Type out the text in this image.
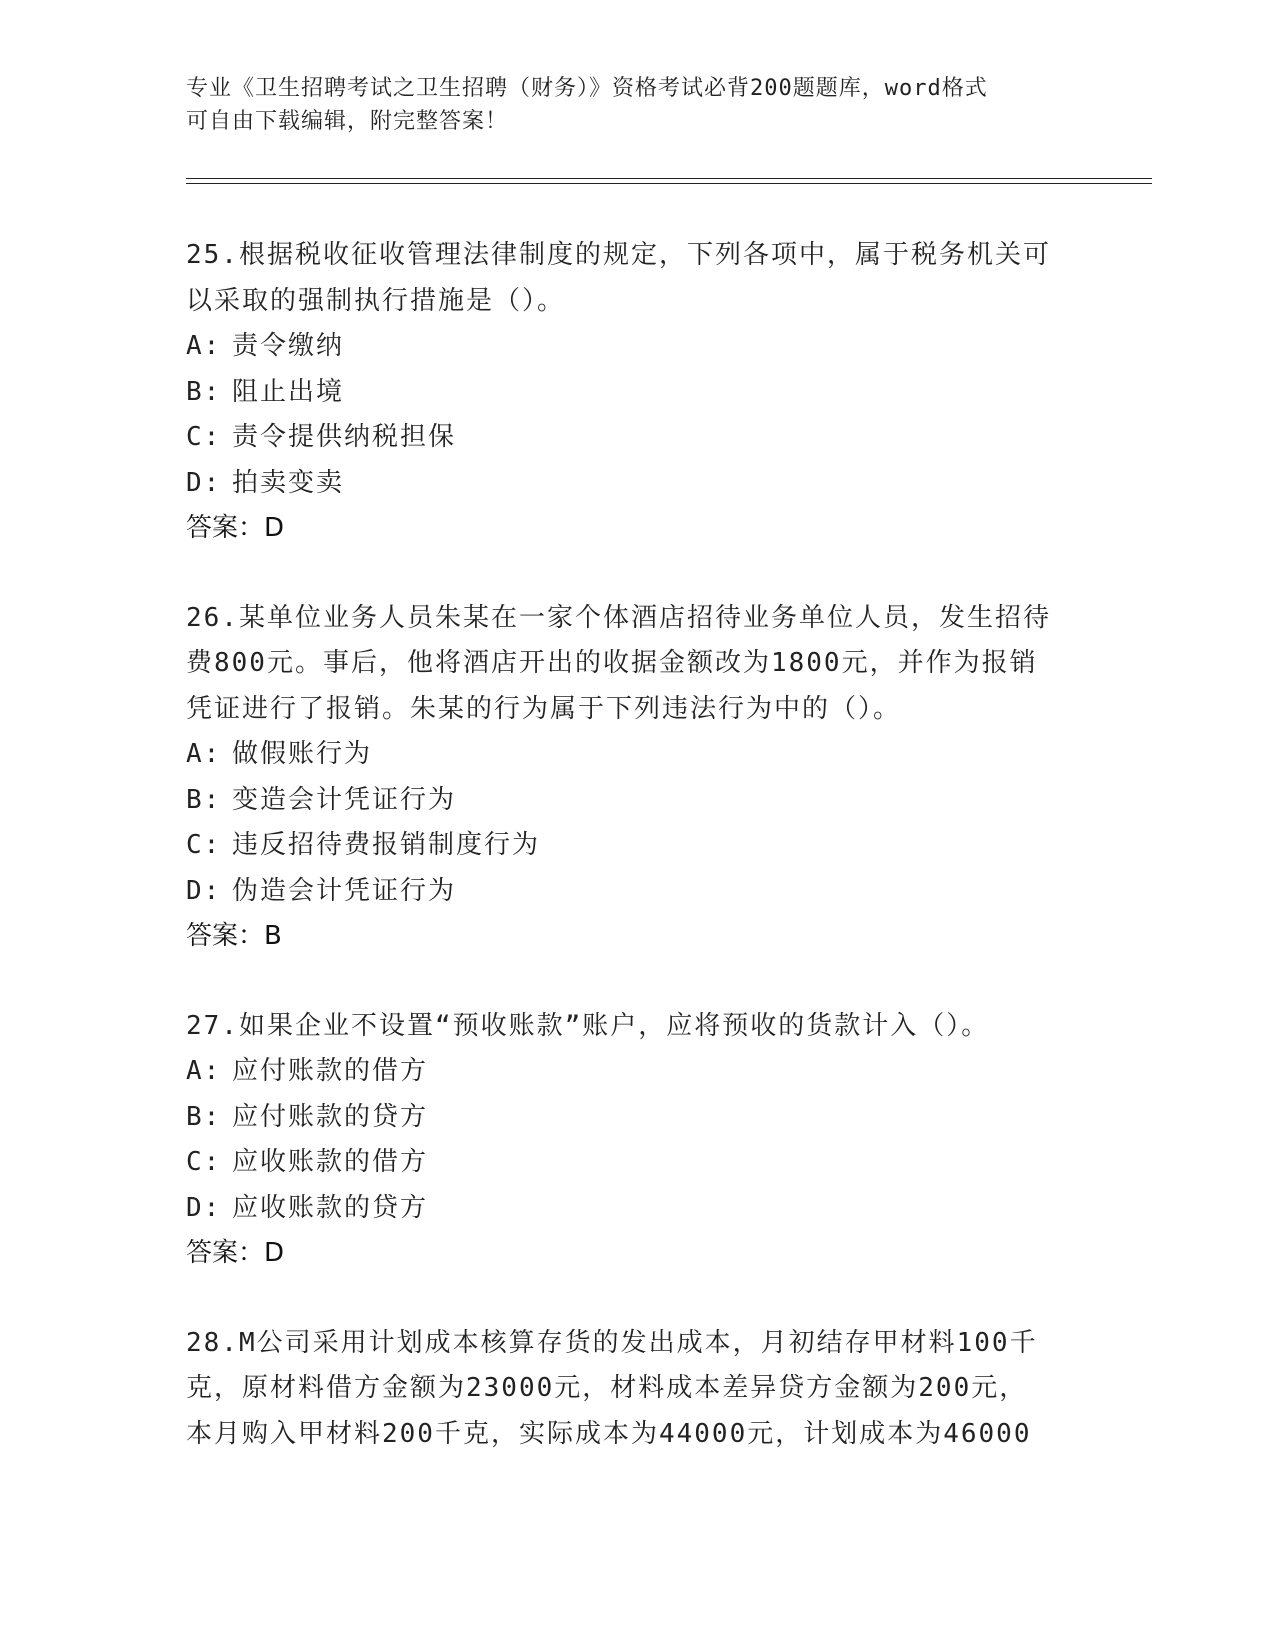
专业《卫生招聘考试之卫生招聘（财务）》资格考试必背200题题库，word格式
可自由下载编辑，附完整答案！
25.根据税收征收管理法律制度的规定，下列各项中，属于税务机关可
以采取的强制执行措施是（）。
A: 责令缴纳
B: 阻止出境
C: 责令提供纳税担保
D: 拍卖变卖
答案：D
26.某单位业务人员朱某在一家个体酒店招待业务单位人员，发生招待
费800元。事后，他将酒店开出的收据金额改为1800元，并作为报销
凭证进行了报销。朱某的行为属于下列违法行为中的（）。
A: 做假账行为
B: 变造会计凭证行为
C: 违反招待费报销制度行为
D: 伪造会计凭证行为
答案：B
27.如果企业不设置“预收账款”账户，应将预收的货款计入（）。
A: 应付账款的借方
B: 应付账款的贷方
C: 应收账款的借方
D: 应收账款的贷方
答案：D
28.M公司采用计划成本核算存货的发出成本，月初结存甲材料100千
克，原材料借方金额为23000元，材料成本差异贷方金额为200元，
本月购入甲材料200千克，实际成本为44000元，计划成本为46000
